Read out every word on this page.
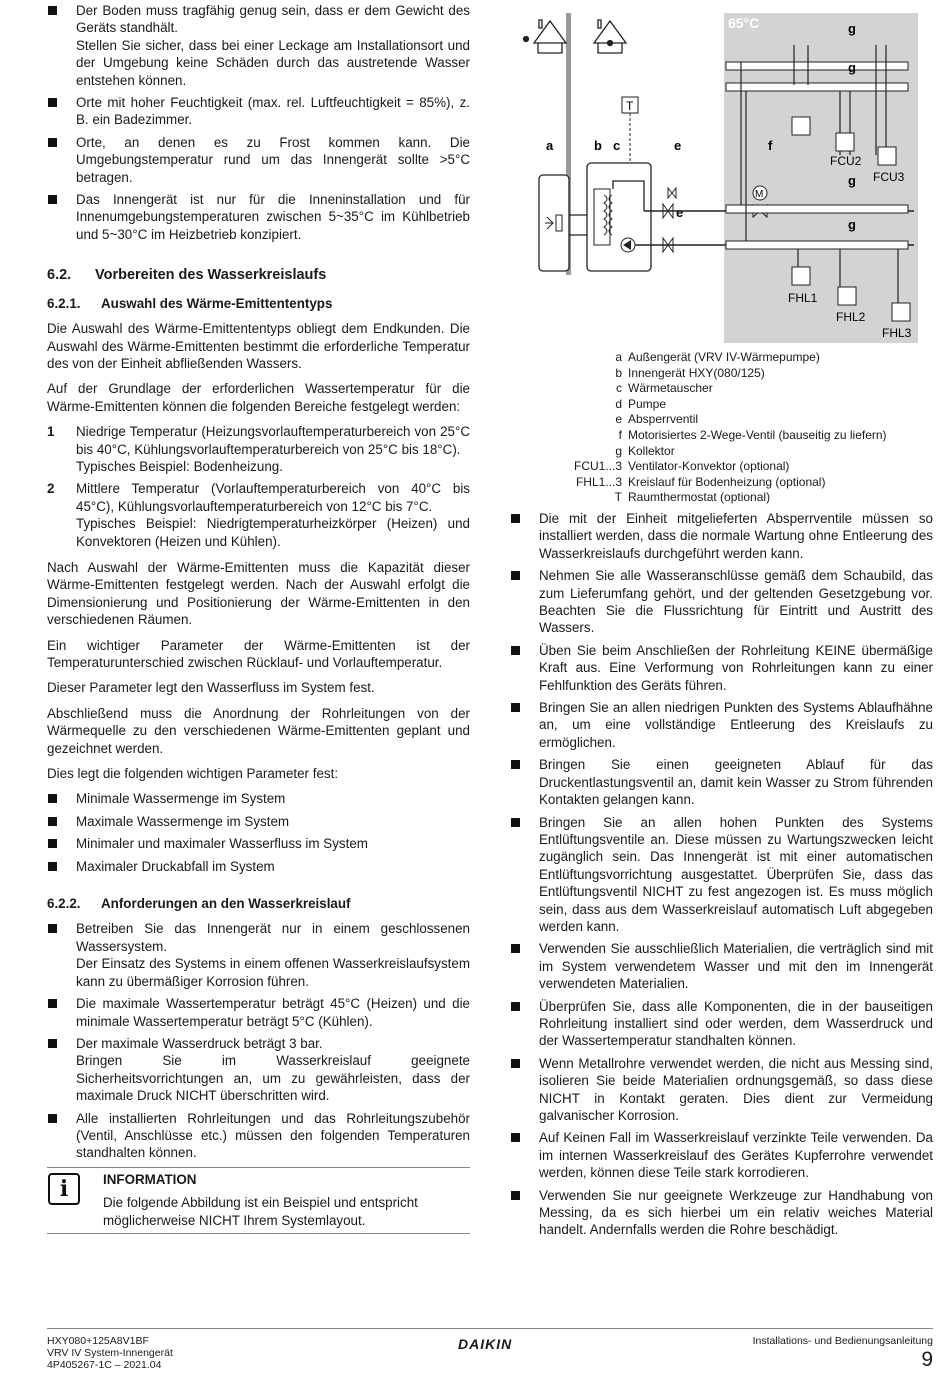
Der Boden muss tragfähig genug sein, dass er dem Gewicht des Geräts standhält.
Stellen Sie sicher, dass bei einer Leckage am Installationsort und der Umgebung keine Schäden durch das austretende Wasser entstehen können.
Orte mit hoher Feuchtigkeit (max. rel. Luftfeuchtigkeit = 85%), z. B. ein Badezimmer.
Orte, an denen es zu Frost kommen kann. Die Umgebungstemperatur rund um das Innengerät sollte >5°C betragen.
Das Innengerät ist nur für die Inneninstallation und für Innenumgebungstemperaturen zwischen 5~35°C im Kühlbetrieb und 5~30°C im Heizbetrieb konzipiert.
6.2. Vorbereiten des Wasserkreislaufs
6.2.1. Auswahl des Wärme-Emittententyps

Die Auswahl des Wärme-Emittententyps obliegt dem Endkunden. Die Auswahl des Wärme-Emittenten bestimmt die erforderliche Temperatur des von der Einheit abfließenden Wassers.

Auf der Grundlage der erforderlichen Wassertemperatur für die Wärme-Emittenten können die folgenden Bereiche festgelegt werden:

1 Niedrige Temperatur (Heizungsvorlauftemperaturbereich von 25°C bis 40°C, Kühlungsvorlauftemperaturbereich von 25°C bis 18°C).
Typisches Beispiel: Bodenheizung.
2 Mittlere Temperatur (Vorlauftemperaturbereich von 40°C bis 45°C), Kühlungsvorlauftemperaturbereich von 12°C bis 7°C.
Typisches Beispiel: Niedrigtemperaturheizkörper (Heizen) und Konvektoren (Heizen und Kühlen).

Nach Auswahl der Wärme-Emittenten muss die Kapazität dieser Wärme-Emittenten festgelegt werden. Nach der Auswahl erfolgt die Dimensionierung und Positionierung der Wärme-Emittenten in den verschiedenen Räumen.

Ein wichtiger Parameter der Wärme-Emittenten ist der Temperaturunterschied zwischen Rücklauf- und Vorlauftemperatur.

Dieser Parameter legt den Wasserfluss im System fest.

Abschließend muss die Anordnung der Rohrleitungen von der Wärmequelle zu den verschiedenen Wärme-Emittenten geplant und gezeichnet werden.

Dies legt die folgenden wichtigen Parameter fest:

Minimale Wassermenge im System
Maximale Wassermenge im System
Minimaler und maximaler Wasserfluss im System
Maximaler Druckabfall im System
6.2.2. Anforderungen an den Wasserkreislauf
Betreiben Sie das Innengerät nur in einem geschlossenen Wassersystem.
Der Einsatz des Systems in einem offenen Wasserkreislaufsystem kann zu übermäßiger Korrosion führen.
Die maximale Wassertemperatur beträgt 45°C (Heizen) und die minimale Wassertemperatur beträgt 5°C (Kühlen).
Der maximale Wasserdruck beträgt 3 bar.
Bringen Sie im Wasserkreislauf geeignete Sicherheitsvorrichtungen an, um zu gewährleisten, dass der maximale Druck NICHT überschritten wird.
Alle installierten Rohrleitungen und das Rohrleitungszubehör (Ventil, Anschlüsse etc.) müssen den folgenden Temperaturen standhalten können.
i	INFORMATION
Die folgende Abbildung ist ein Beispiel und entspricht möglicherweise NICHT Ihrem Systemlayout.
65°C
a	b c	e	f
e
T
M
g
g
g
g
FCU2
FCU3
FHL1
FHL2
FHL3
a Außengerät (VRV IV-Wärmepumpe)
b Innengerät HXY(080/125)
c Wärmetauscher
d Pumpe
e Absperrventil
f Motorisiertes 2-Wege-Ventil (bauseitig zu liefern)
g Kollektor
FCU1...3 Ventilator-Konvektor (optional)
FHL1...3 Kreislauf für Bodenheizung (optional)
T Raumthermostat (optional)
Die mit der Einheit mitgelieferten Absperrventile müssen so installiert werden, dass die normale Wartung ohne Entleerung des Wasserkreislaufs durchgeführt werden kann.
Nehmen Sie alle Wasseranschlüsse gemäß dem Schaubild, das zum Lieferumfang gehört, und der geltenden Gesetzgebung vor. Beachten Sie die Flussrichtung für Eintritt und Austritt des Wassers.
Üben Sie beim Anschließen der Rohrleitung KEINE übermäßige Kraft aus. Eine Verformung von Rohrleitungen kann zu einer Fehlfunktion des Geräts führen.
Bringen Sie an allen niedrigen Punkten des Systems Ablaufhähne an, um eine vollständige Entleerung des Kreislaufs zu ermöglichen.
Bringen Sie einen geeigneten Ablauf für das Druckentlastungsventil an, damit kein Wasser zu Strom führenden Kontakten gelangen kann.
Bringen Sie an allen hohen Punkten des Systems Entlüftungsventile an. Diese müssen zu Wartungszwecken leicht zugänglich sein. Das Innengerät ist mit einer automatischen Entlüftungsvorrichtung ausgestattet. Überprüfen Sie, dass das Entlüftungsventil NICHT zu fest angezogen ist. Es muss möglich sein, dass aus dem Wasserkreislauf automatisch Luft abgegeben werden kann.
Verwenden Sie ausschließlich Materialien, die verträglich sind mit im System verwendetem Wasser und mit den im Innengerät verwendeten Materialien.
Überprüfen Sie, dass alle Komponenten, die in der bauseitigen Rohrleitung installiert sind oder werden, dem Wasserdruck und der Wassertemperatur standhalten können.
Wenn Metallrohre verwendet werden, die nicht aus Messing sind, isolieren Sie beide Materialien ordnungsgemäß, so dass diese NICHT in Kontakt geraten. Dies dient zur Vermeidung galvanischer Korrosion.
Auf Keinen Fall im Wasserkreislauf verzinkte Teile verwenden. Da im internen Wasserkreislauf des Gerätes Kupferrohre verwendet werden, können diese Teile stark korrodieren.
Verwenden Sie nur geeignete Werkzeuge zur Handhabung von Messing, da es sich hierbei um ein relativ weiches Material handelt. Andernfalls werden die Rohre beschädigt.
HXY080+125A8V1BF
VRV IV System-Innengerät
4P405267-1C – 2021.04
DAIKIN	Installations- und Bedienungsanleitung
9
